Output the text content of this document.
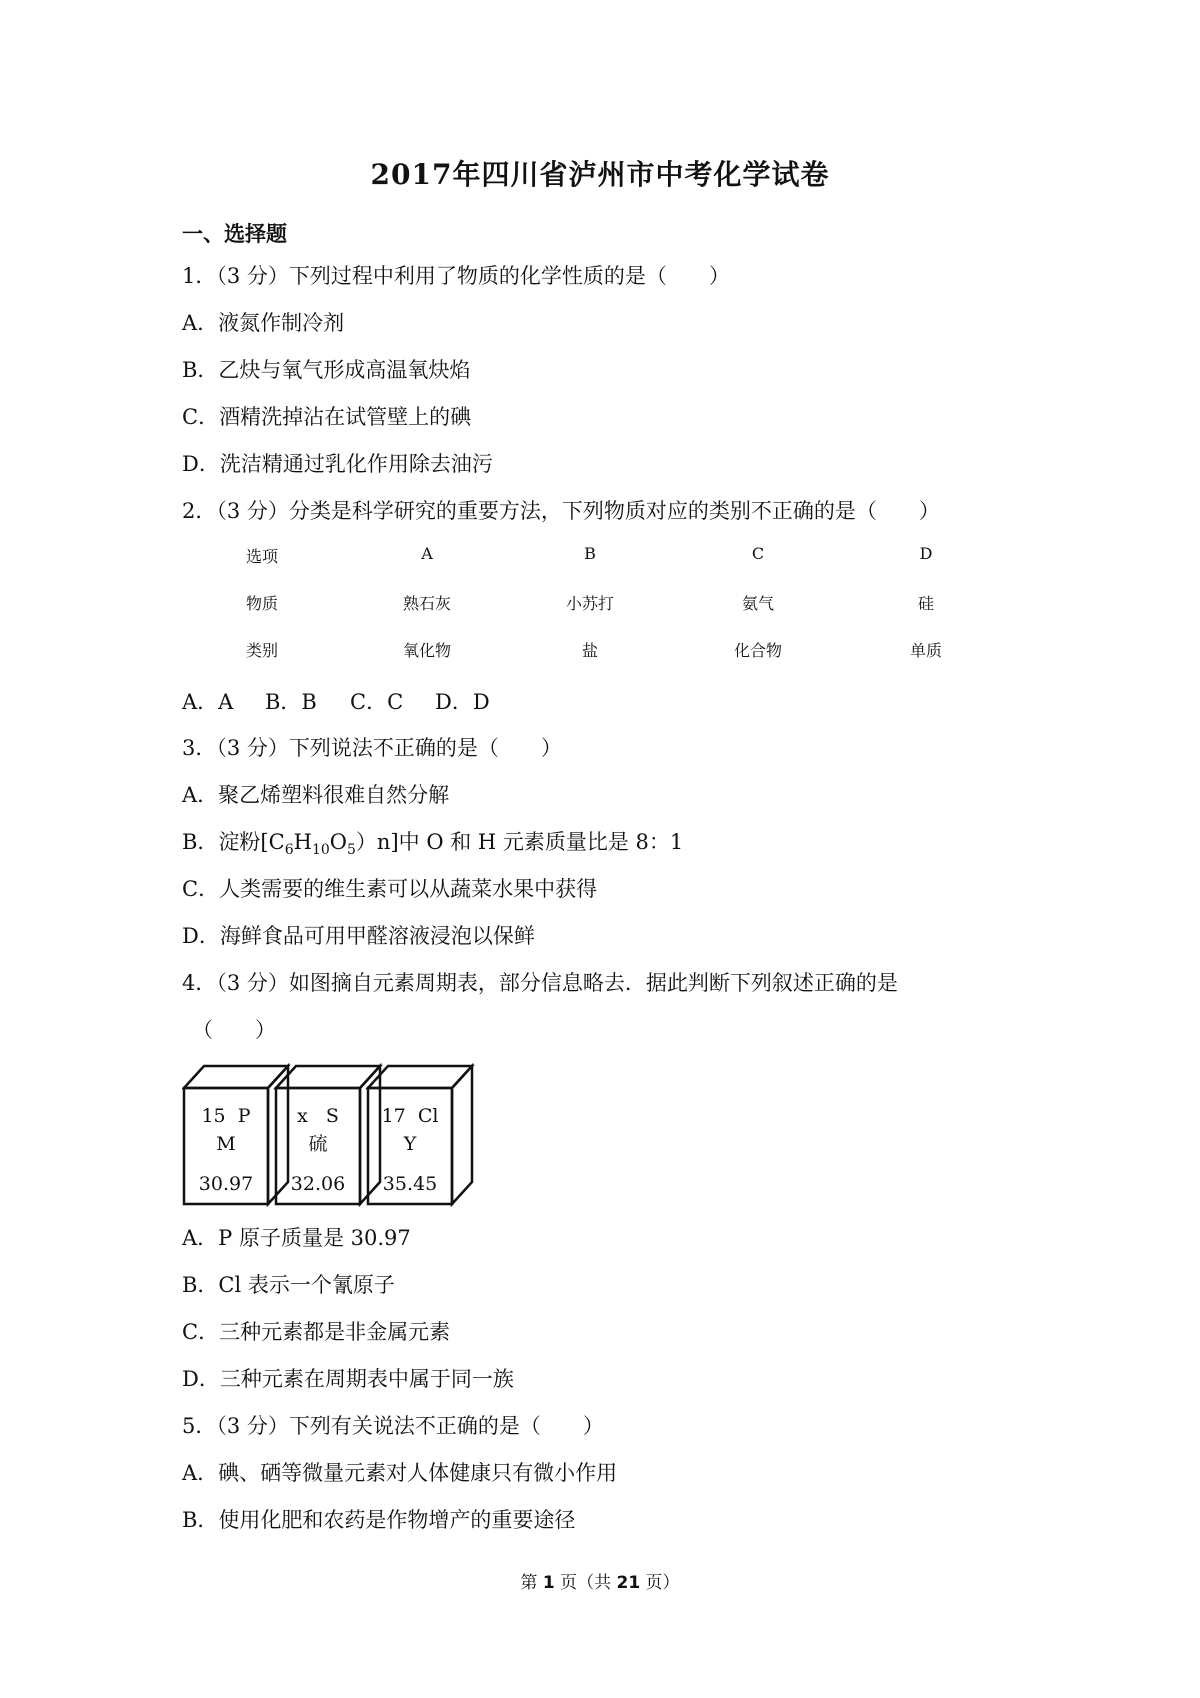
2017年四川省泸州市中考化学试卷
一、选择题
1．（3 分）下列过程中利用了物质的化学性质的是（　　）
A．液氮作制冷剂
B．乙炔与氧气形成高温氧炔焰
C．酒精洗掉沾在试管壁上的碘
D．洗洁精通过乳化作用除去油污
2．（3 分）分类是科学研究的重要方法，下列物质对应的类别不正确的是（　　）
选项	A	B	C	D
物质	熟石灰	小苏打	氨气	硅
类别	氧化物	盐	化合物	单质
A．A B．B C．C D．D
3．（3 分）下列说法不正确的是（　　）
A．聚乙烯塑料很难自然分解
B．淀粉$[C_6H_{10}O_5)n$]中 O 和 H 元素质量比是 8：1
C．人类需要的维生素可以从蔬菜水果中获得
D．海鲜食品可用甲醛溶液浸泡以保鲜
4．（3 分）如图摘自元素周期表，部分信息略去．据此判断下列叙述正确的是
（　　）
15  P
M
30.97
x   S
硫
32.06
17  Cl
Y
35.45
A．P 原子质量是 30.97
B．Cl 表示一个氰原子
C．三种元素都是非金属元素
D．三种元素在周期表中属于同一族
5．（3 分）下列有关说法不正确的是（　　）
A．碘、硒等微量元素对人体健康只有微小作用
B．使用化肥和农药是作物增产的重要途径
第 1 页（共 21 页）
